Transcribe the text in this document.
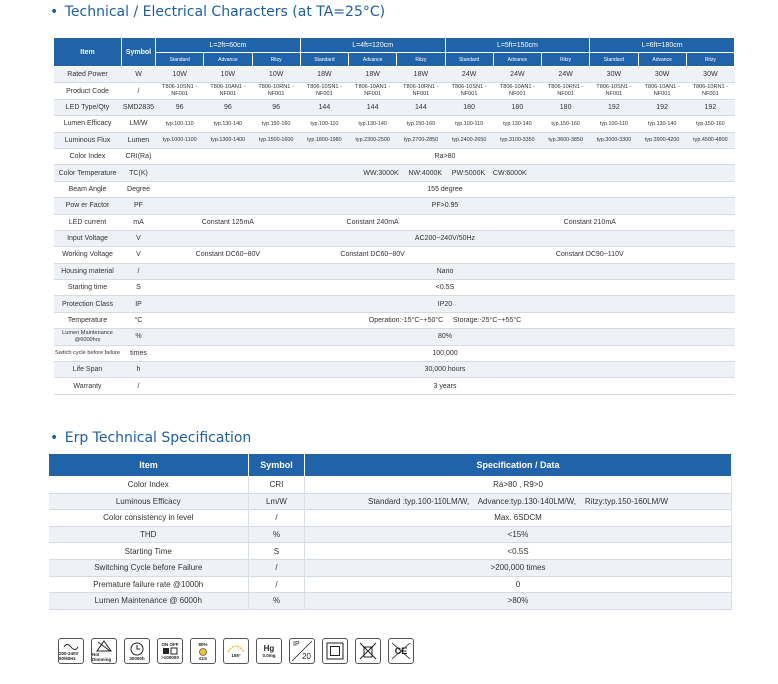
• Technical / Electrical Characters (at TA=25°C)
Item	Symbol	L=2ft=60cm			L=4ft=120cm			L=5ft=150cm			L=6ft=180cm		
		Standard	Advance	Ritzy	Standard	Advance	Ritzy	Standard	Advance	Ritzy	Standard	Advance	Ritzy
Rated Power	W	10W	10W	10W	18W	18W	18W	24W	24W	24W	30W	30W	30W
Product Code	/	T806-10SN1 -NF001	T806-10AN1 -NF001	T806-10RN1 -NF001	T806-10SN1 -NF001	T806-10AN1 -NF001	T806-10RN1 -NF001	T806-10SN1 -NF001	T806-10AN1 -NF001	T806-10RN1 -NF001	T806-10SN1 -NF001	T806-10AN1 -NF001	T806-10RN1 -NF001
LED Type/Qty	SMD2835	96	96	96	144	144	144	180	180	180	192	192	192
Lumen Efficacy	LM/W	typ.100-110	typ.130-140	typ.150-160	typ.100-110	typ.130-140	typ.150-160	typ.100-110	typ.130-140	typ.150-160	typ.100-110	typ.130-140	typ.150-160
Luminous Flux	Lumen	typ.1000-1100	typ.1300-1400	typ.1500-1600	typ.1800-1980	typ.2300-2500	typ.2700-2850	typ.2400-2650	typ.3100-3350	typ.3600-3850	typ.3000-3300	typ.3900-4200	typ.4500-4800
Color Index	CRI(Ra)	Ra>80											
Color Temperature	TC(K)	WW:3000K     NW:4000K     PW:5000K    CW:6000K											
Beam Angle	Degree	155 degree											
Pow er Factor	PF	PF>0.95											
LED current	mA	Constant 125mA			Constant 240mA			Constant 210mA					
Input Voltage	V	AC200~240V/50Hz											
Working Voltage	V	Constant DC60~80V			Constant DC60~80V			Constant DC90~110V					
Housing material	/	Nano											
Starting time	S	<0.5S											
Protection Class	IP	IP20											
Temperature	°C	Operation:-15°C~+50°C     Storage:-25°C~+55°C											
Lumen Maintenance @6000hrs	%	80%											
Swtich cycle before failure	times	100,000											
Life Span	h	30,000 hours											
Warranty	/	3 years											
• Erp Technical Specification
Item	Symbol	Specification / Data
Color Index	CRI	Ra>80 , R9>0
Luminous Efficacy	Lm/W	Standard :typ.100-110LM/W,    Advance:typ.130-140LM/W,    Ritzy:typ.150-160LM/W
Color consistency in level	/	Max. 6SDCM
THD	%	<15%
Starting Time	S	<0.5S
Switching Cycle before Failure	/	>200,000 times
Premature failure rate @1000h	/	0
Lumen Maintenance @ 6000h	%	>80%
200-240V 50/60Hz
Not Dimming	30000h
ON OFF
>100000
80%
≤1S	155°
Hg
0.0mg
IP
20
CE
